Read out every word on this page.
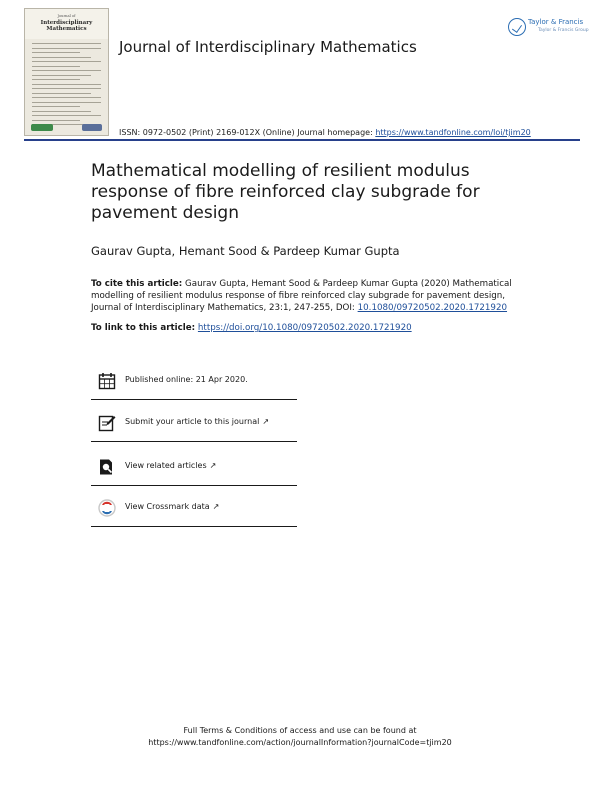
Journal of
Interdisciplinary Mathematics
Journal of Interdisciplinary Mathematics
Taylor & Francis
Taylor & Francis Group
ISSN: 0972-0502 (Print) 2169-012X (Online) Journal homepage: https://www.tandfonline.com/loi/tjim20
Mathematical modelling of resilient modulus response of fibre reinforced clay subgrade for pavement design
Gaurav Gupta, Hemant Sood & Pardeep Kumar Gupta
To cite this article: Gaurav Gupta, Hemant Sood & Pardeep Kumar Gupta (2020) Mathematical modelling of resilient modulus response of fibre reinforced clay subgrade for pavement design, Journal of Interdisciplinary Mathematics, 23:1, 247-255, DOI: 10.1080/09720502.2020.1721920
To link to this article: https://doi.org/10.1080/09720502.2020.1721920
Published online: 21 Apr 2020.
Submit your article to this journal ↗
View related articles ↗
View Crossmark data ↗
Full Terms & Conditions of access and use can be found at
https://www.tandfonline.com/action/journalInformation?journalCode=tjim20
